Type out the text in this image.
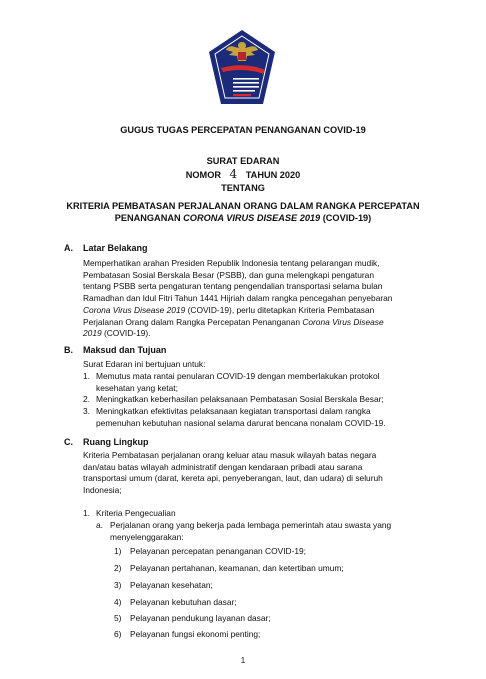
GUGUS TUGAS PERCEPATAN PENANGANAN COVID-19
SURAT EDARAN
NOMOR 4 TAHUN 2020
TENTANG
KRITERIA PEMBATASAN PERJALANAN ORANG DALAM RANGKA PERCEPATAN
PENANGANAN CORONA VIRUS DISEASE 2019 (COVID-19)
A. Latar Belakang
Memperhatikan arahan Presiden Republik Indonesia tentang pelarangan mudik,
Pembatasan Sosial Berskala Besar (PSBB), dan guna melengkapi pengaturan
tentang PSBB serta pengaturan tentang pengendalian transportasi selama bulan
Ramadhan dan Idul Fitri Tahun 1441 Hijriah dalam rangka pencegahan penyebaran
Corona Virus Disease 2019 (COVID-19), perlu ditetapkan Kriteria Pembatasan
Perjalanan Orang dalam Rangka Percepatan Penanganan Corona Virus Disease
2019 (COVID-19).
B. Maksud dan Tujuan
Surat Edaran ini bertujuan untuk:
1. Memutus mata rantai penularan COVID-19 dengan memberlakukan protokol
kesehatan yang ketat;
2. Meningkatkan keberhasilan pelaksanaan Pembatasan Sosial Berskala Besar;
3. Meningkatkan efektivitas pelaksanaan kegiatan transportasi dalam rangka
pemenuhan kebutuhan nasional selama darurat bencana nonalam COVID-19.
C. Ruang Lingkup
Kriteria Pembatasan perjalanan orang keluar atau masuk wilayah batas negara
dan/atau batas wilayah administratif dengan kendaraan pribadi atau sarana
transportasi umum (darat, kereta api, penyeberangan, laut, dan udara) di seluruh
Indonesia;
1. Kriteria Pengecualian
a. Perjalanan orang yang bekerja pada lembaga pemerintah atau swasta yang
menyelenggarakan:
1) Pelayanan percepatan penanganan COVID-19;
2) Pelayanan pertahanan, keamanan, dan ketertiban umum;
3) Pelayanan kesehatan;
4) Pelayanan kebutuhan dasar;
5) Pelayanan pendukung layanan dasar;
6) Pelayanan fungsi ekonomi penting;
1
